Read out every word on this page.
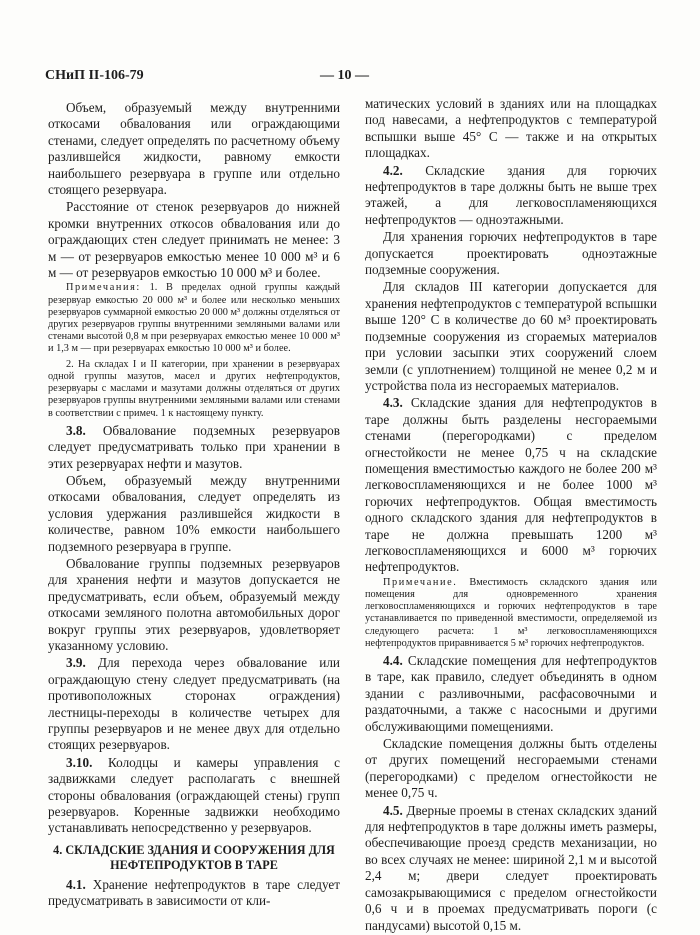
СНиП II-106-79	— 10 —

Объем, образуемый между внутренними откосами обвалования или ограждающими стенами, следует определять по расчетному объему разлившейся жидкости, равному емкости наибольшего резервуара в группе или отдельно стоящего резервуара.

Расстояние от стенок резервуаров до нижней кромки внутренних откосов обвалования или до ограждающих стен следует принимать не менее: 3 м — от резервуаров емкостью менее 10 000 м³ и 6 м — от резервуаров емкостью 10 000 м³ и более.

Примечания: 1. В пределах одной группы каждый резервуар емкостью 20 000 м³ и более или несколько меньших резервуаров суммарной емкостью 20 000 м³ должны отделяться от других резервуаров группы внутренними земляными валами или стенами высотой 0,8 м при резервуарах емкостью менее 10 000 м³ и 1,3 м — при резервуарах емкостью 10 000 м³ и более.

2. На складах I и II категории, при хранении в резервуарах одной группы мазутов, масел и других нефтепродуктов, резервуары с маслами и мазутами должны отделяться от других резервуаров группы внутренними земляными валами или стенами в соответствии с примеч. 1 к настоящему пункту.

3.8. Обвалование подземных резервуаров следует предусматривать только при хранении в этих резервуарах нефти и мазутов.

Объем, образуемый между внутренними откосами обвалования, следует определять из условия удержания разлившейся жидкости в количестве, равном 10% емкости наибольшего подземного резервуара в группе.

Обвалование группы подземных резервуаров для хранения нефти и мазутов допускается не предусматривать, если объем, образуемый между откосами земляного полотна автомобильных дорог вокруг группы этих резервуаров, удовлетворяет указанному условию.

3.9. Для перехода через обвалование или ограждающую стену следует предусматривать (на противоположных сторонах ограждения) лестницы-переходы в количестве четырех для группы резервуаров и не менее двух для отдельно стоящих резервуаров.

3.10. Колодцы и камеры управления с задвижками следует располагать с внешней стороны обвалования (ограждающей стены) групп резервуаров. Коренные задвижки необходимо устанавливать непосредственно у резервуаров.

4. СКЛАДСКИЕ ЗДАНИЯ И СООРУЖЕНИЯ ДЛЯ НЕФТЕПРОДУКТОВ В ТАРЕ

4.1. Хранение нефтепродуктов в таре следует предусматривать в зависимости от кли-

матических условий в зданиях или на площадках под навесами, а нефтепродуктов с температурой вспышки выше 45° С — также и на открытых площадках.

4.2. Складские здания для горючих нефтепродуктов в таре должны быть не выше трех этажей, а для легковоспламеняющихся нефтепродуктов — одноэтажными.

Для хранения горючих нефтепродуктов в таре допускается проектировать одноэтажные подземные сооружения.

Для складов III категории допускается для хранения нефтепродуктов с температурой вспышки выше 120° С в количестве до 60 м³ проектировать подземные сооружения из сгораемых материалов при условии засыпки этих сооружений слоем земли (с уплотнением) толщиной не менее 0,2 м и устройства пола из несгораемых материалов.

4.3. Складские здания для нефтепродуктов в таре должны быть разделены несгораемыми стенами (перегородками) с пределом огнестойкости не менее 0,75 ч на складские помещения вместимостью каждого не более 200 м³ легковоспламеняющихся и не более 1000 м³ горючих нефтепродуктов. Общая вместимость одного складского здания для нефтепродуктов в таре не должна превышать 1200 м³ легковоспламеняющихся и 6000 м³ горючих нефтепродуктов.

Примечание. Вместимость складского здания или помещения для одновременного хранения легковоспламеняющихся и горючих нефтепродуктов в таре устанавливается по приведенной вместимости, определяемой из следующего расчета: 1 м³ легковоспламеняющихся нефтепродуктов приравнивается 5 м³ горючих нефтепродуктов.

4.4. Складские помещения для нефтепродуктов в таре, как правило, следует объединять в одном здании с разливочными, расфасовочными и раздаточными, а также с насосными и другими обслуживающими помещениями.

Складские помещения должны быть отделены от других помещений несгораемыми стенами (перегородками) с пределом огнестойкости не менее 0,75 ч.

4.5. Дверные проемы в стенах складских зданий для нефтепродуктов в таре должны иметь размеры, обеспечивающие проезд средств механизации, но во всех случаях не менее: шириной 2,1 м и высотой 2,4 м; двери следует проектировать самозакрывающимися с пределом огнестойкости 0,6 ч и в проемах предусматривать пороги (с пандусами) высотой 0,15 м.
